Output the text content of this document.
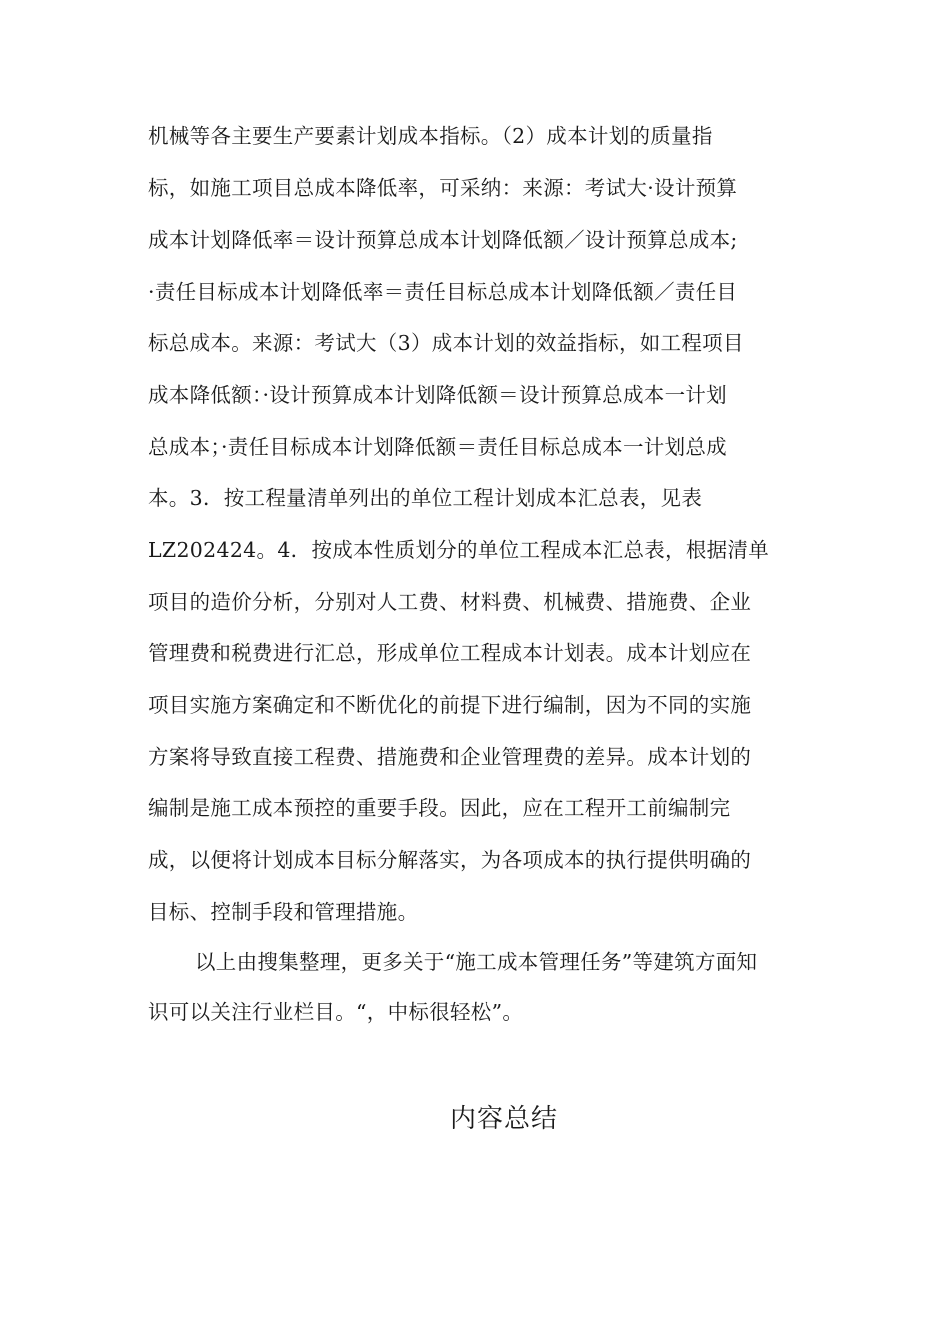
机械等各主要生产要素计划成本指标。（2）成本计划的质量指
标，如施工项目总成本降低率，可采纳：来源：考试大·设计预算
成本计划降低率＝设计预算总成本计划降低额／设计预算总成本;
·责任目标成本计划降低率＝责任目标总成本计划降低额／责任目
标总成本。来源：考试大（3）成本计划的效益指标，如工程项目
成本降低额：·设计预算成本计划降低额＝设计预算总成本一计划
总成本；·责任目标成本计划降低额＝责任目标总成本一计划总成
本。3．按工程量清单列出的单位工程计划成本汇总表，见表
LZ202424。4．按成本性质划分的单位工程成本汇总表，根据清单
项目的造价分析，分别对人工费、材料费、机械费、措施费、企业
管理费和税费进行汇总，形成单位工程成本计划表。成本计划应在
项目实施方案确定和不断优化的前提下进行编制，因为不同的实施
方案将导致直接工程费、措施费和企业管理费的差异。成本计划的
编制是施工成本预控的重要手段。因此，应在工程开工前编制完
成，以便将计划成本目标分解落实，为各项成本的执行提供明确的
目标、控制手段和管理措施。
以上由搜集整理，更多关于“施工成本管理任务”等建筑方面知
识可以关注行业栏目。“，中标很轻松”。
内容总结
